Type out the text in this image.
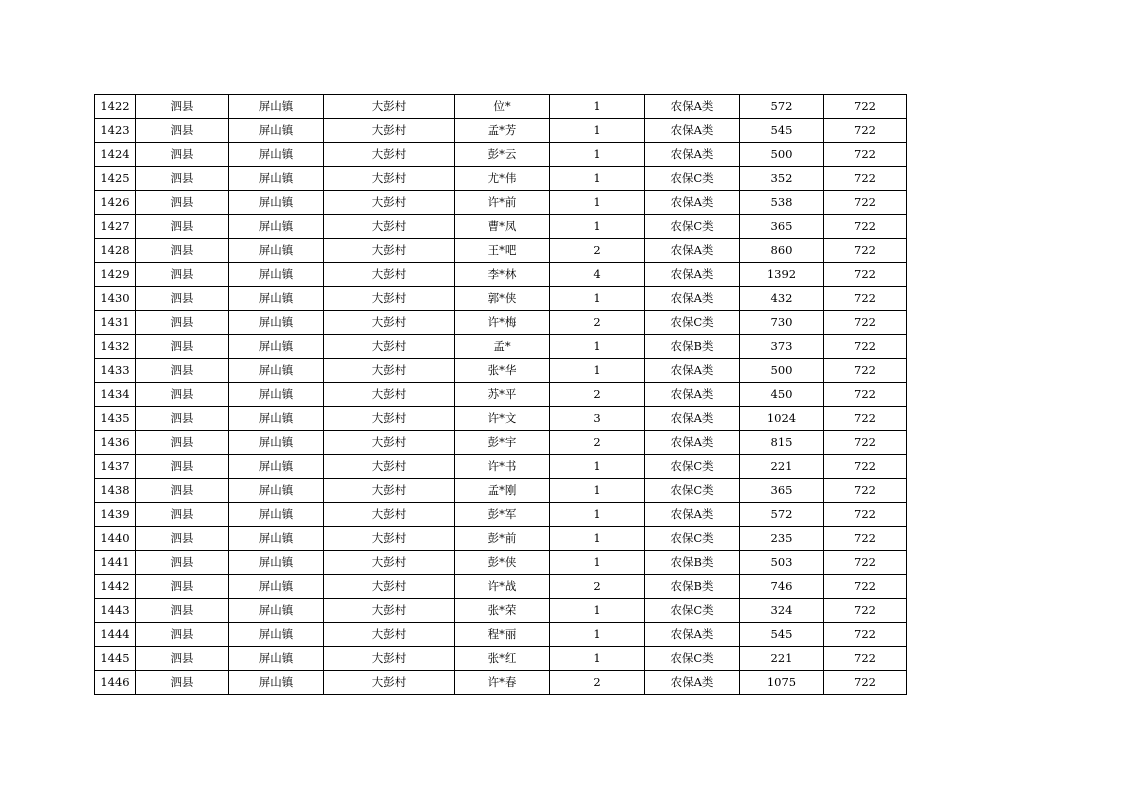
1422	泗县	屏山镇	大彭村	位*	1	农保A类	572	722
1423	泗县	屏山镇	大彭村	孟*芳	1	农保A类	545	722
1424	泗县	屏山镇	大彭村	彭*云	1	农保A类	500	722
1425	泗县	屏山镇	大彭村	尤*伟	1	农保C类	352	722
1426	泗县	屏山镇	大彭村	许*前	1	农保A类	538	722
1427	泗县	屏山镇	大彭村	曹*凤	1	农保C类	365	722
1428	泗县	屏山镇	大彭村	王*吧	2	农保A类	860	722
1429	泗县	屏山镇	大彭村	李*林	4	农保A类	1392	722
1430	泗县	屏山镇	大彭村	郭*侠	1	农保A类	432	722
1431	泗县	屏山镇	大彭村	许*梅	2	农保C类	730	722
1432	泗县	屏山镇	大彭村	孟*	1	农保B类	373	722
1433	泗县	屏山镇	大彭村	张*华	1	农保A类	500	722
1434	泗县	屏山镇	大彭村	苏*平	2	农保A类	450	722
1435	泗县	屏山镇	大彭村	许*文	3	农保A类	1024	722
1436	泗县	屏山镇	大彭村	彭*宇	2	农保A类	815	722
1437	泗县	屏山镇	大彭村	许*书	1	农保C类	221	722
1438	泗县	屏山镇	大彭村	孟*刚	1	农保C类	365	722
1439	泗县	屏山镇	大彭村	彭*军	1	农保A类	572	722
1440	泗县	屏山镇	大彭村	彭*前	1	农保C类	235	722
1441	泗县	屏山镇	大彭村	彭*侠	1	农保B类	503	722
1442	泗县	屏山镇	大彭村	许*战	2	农保B类	746	722
1443	泗县	屏山镇	大彭村	张*荣	1	农保C类	324	722
1444	泗县	屏山镇	大彭村	程*丽	1	农保A类	545	722
1445	泗县	屏山镇	大彭村	张*红	1	农保C类	221	722
1446	泗县	屏山镇	大彭村	许*春	2	农保A类	1075	722
